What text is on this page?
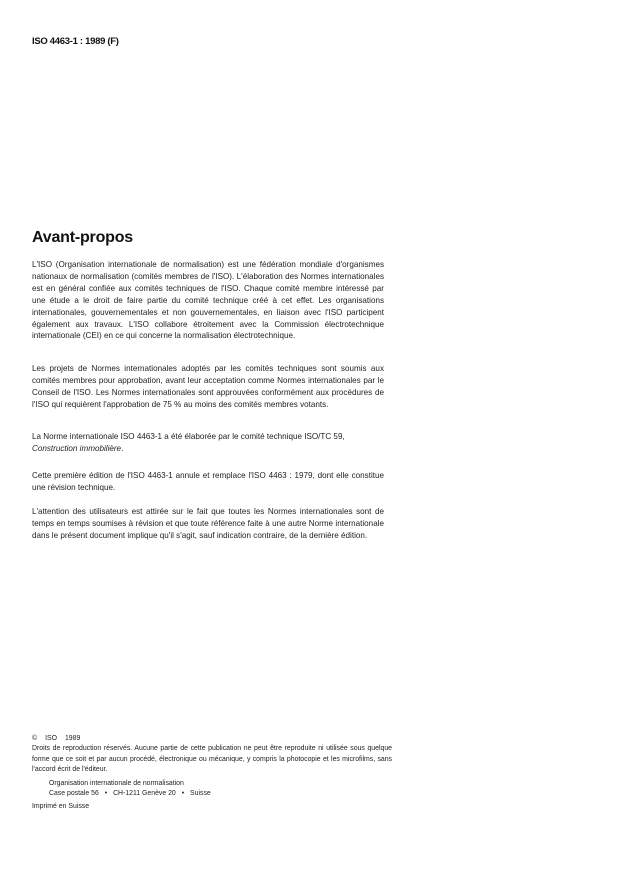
ISO 4463-1 : 1989 (F)
Avant-propos

L'ISO (Organisation internationale de normalisation) est une fédération mondiale d'organismes nationaux de normalisation (comités membres de l'ISO). L'élaboration des Normes internationales est en général confiée aux comités techniques de l'ISO. Chaque comité membre intéressé par une étude a le droit de faire partie du comité technique créé à cet effet. Les organisations internationales, gouvernementales et non gouvernementales, en liaison avec l'ISO participent également aux travaux. L'ISO collabore étroitement avec la Commission électrotechnique internationale (CEI) en ce qui concerne la normalisation électrotechnique.

Les projets de Normes internationales adoptés par les comités techniques sont soumis aux comités membres pour approbation, avant leur acceptation comme Normes internationales par le Conseil de l'ISO. Les Normes internationales sont approuvées conformément aux procédures de l'ISO qui requièrent l'approbation de 75 % au moins des comités membres votants.

La Norme internationale ISO 4463-1 a été élaborée par le comité technique ISO/TC 59,
Construction immobilière.

Cette première édition de l'ISO 4463-1 annule et remplace l'ISO 4463 : 1979, dont elle constitue une révision technique.

L'attention des utilisateurs est attirée sur le fait que toutes les Normes internationales sont de temps en temps soumises à révision et que toute référence faite à une autre Norme internationale dans le présent document implique qu'il s'agit, sauf indication contraire, de la dernière édition.

© ISO 1989
Droits de reproduction réservés. Aucune partie de cette publication ne peut être reproduite ni utilisée sous quelque forme que ce soit et par aucun procédé, électronique ou mécanique, y compris la photocopie et les microfilms, sans l'accord écrit de l'éditeur.
Organisation internationale de normalisation
Case postale 56 • CH-1211 Genève 20 • Suisse
Imprimé en Suisse
